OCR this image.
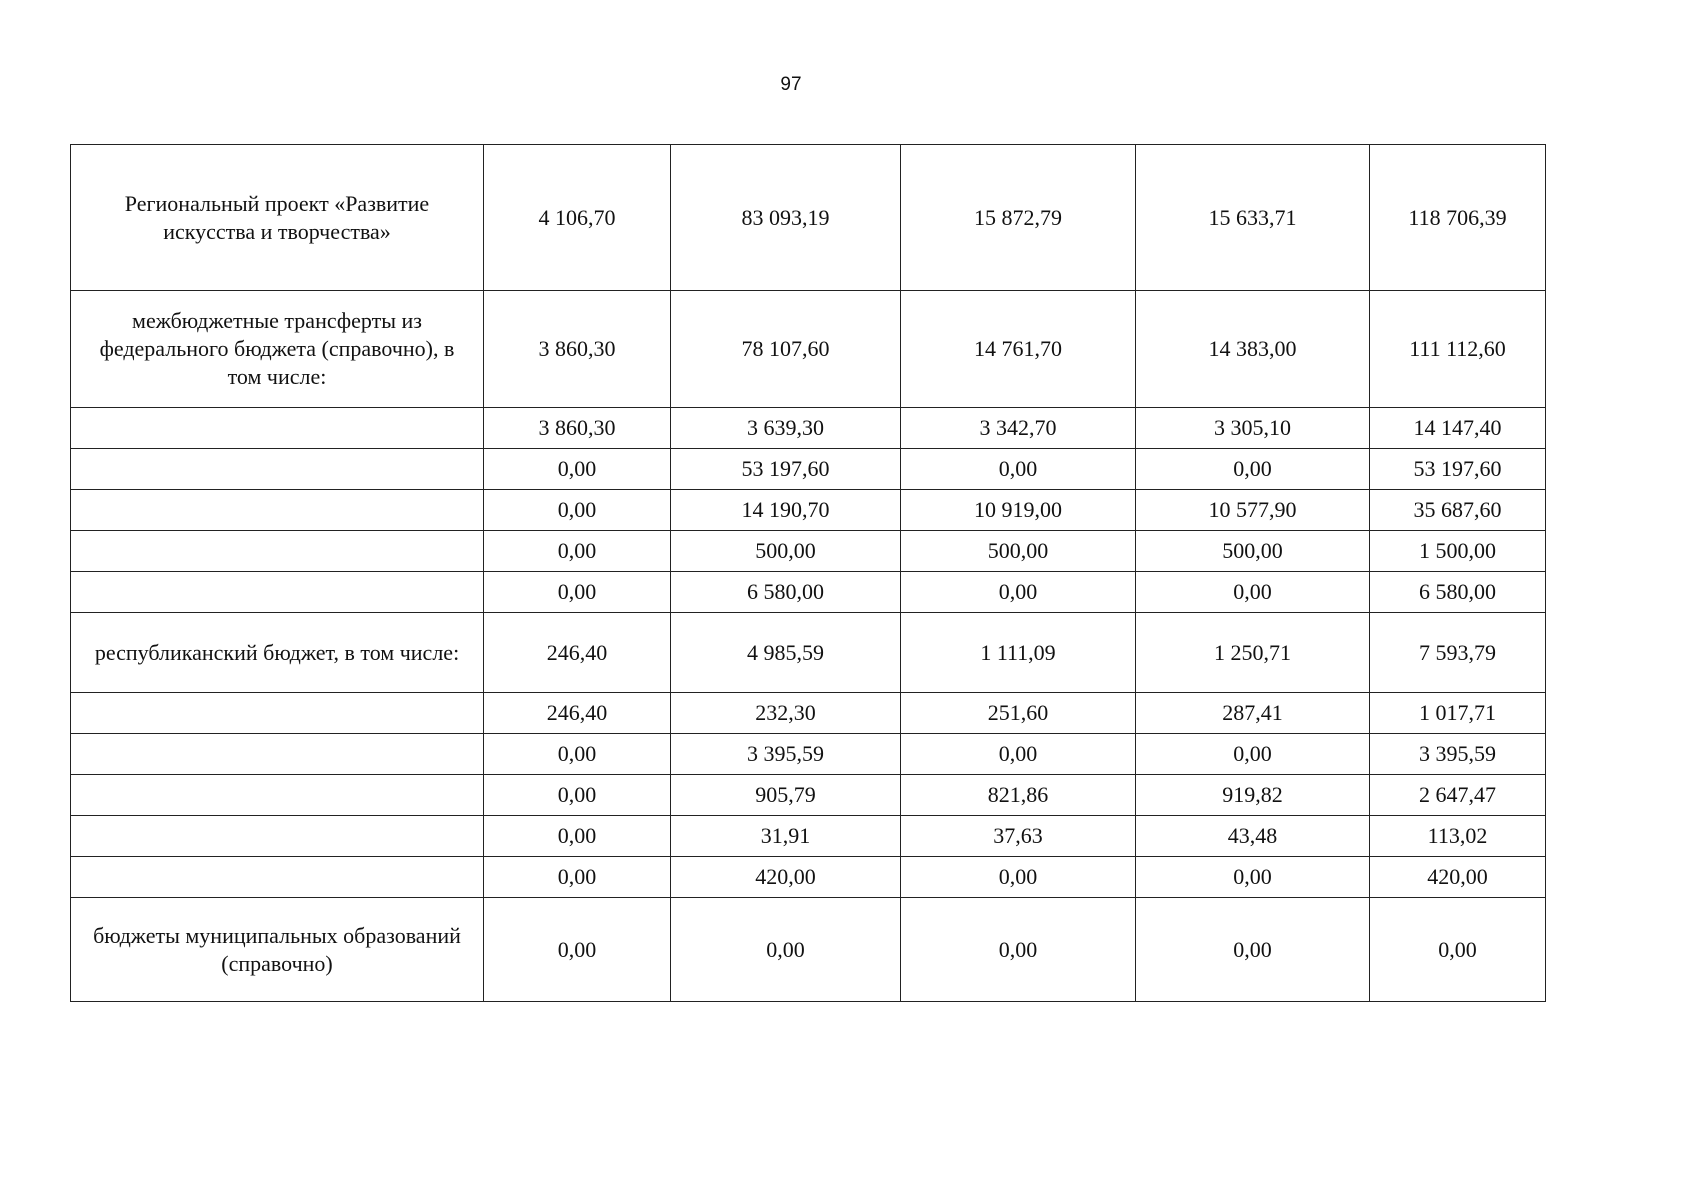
97
Региональный проект «Развитие искусства и творчества»	4 106,70	83 093,19	15 872,79	15 633,71	118 706,39
межбюджетные трансферты из федерального бюджета (справочно), в том числе:	3 860,30	78 107,60	14 761,70	14 383,00	111 112,60
	3 860,30	3 639,30	3 342,70	3 305,10	14 147,40
	0,00	53 197,60	0,00	0,00	53 197,60
	0,00	14 190,70	10 919,00	10 577,90	35 687,60
	0,00	500,00	500,00	500,00	1 500,00
	0,00	6 580,00	0,00	0,00	6 580,00
республиканский бюджет, в том числе:	246,40	4 985,59	1 111,09	1 250,71	7 593,79
	246,40	232,30	251,60	287,41	1 017,71
	0,00	3 395,59	0,00	0,00	3 395,59
	0,00	905,79	821,86	919,82	2 647,47
	0,00	31,91	37,63	43,48	113,02
	0,00	420,00	0,00	0,00	420,00
бюджеты муниципальных образований (справочно)	0,00	0,00	0,00	0,00	0,00
